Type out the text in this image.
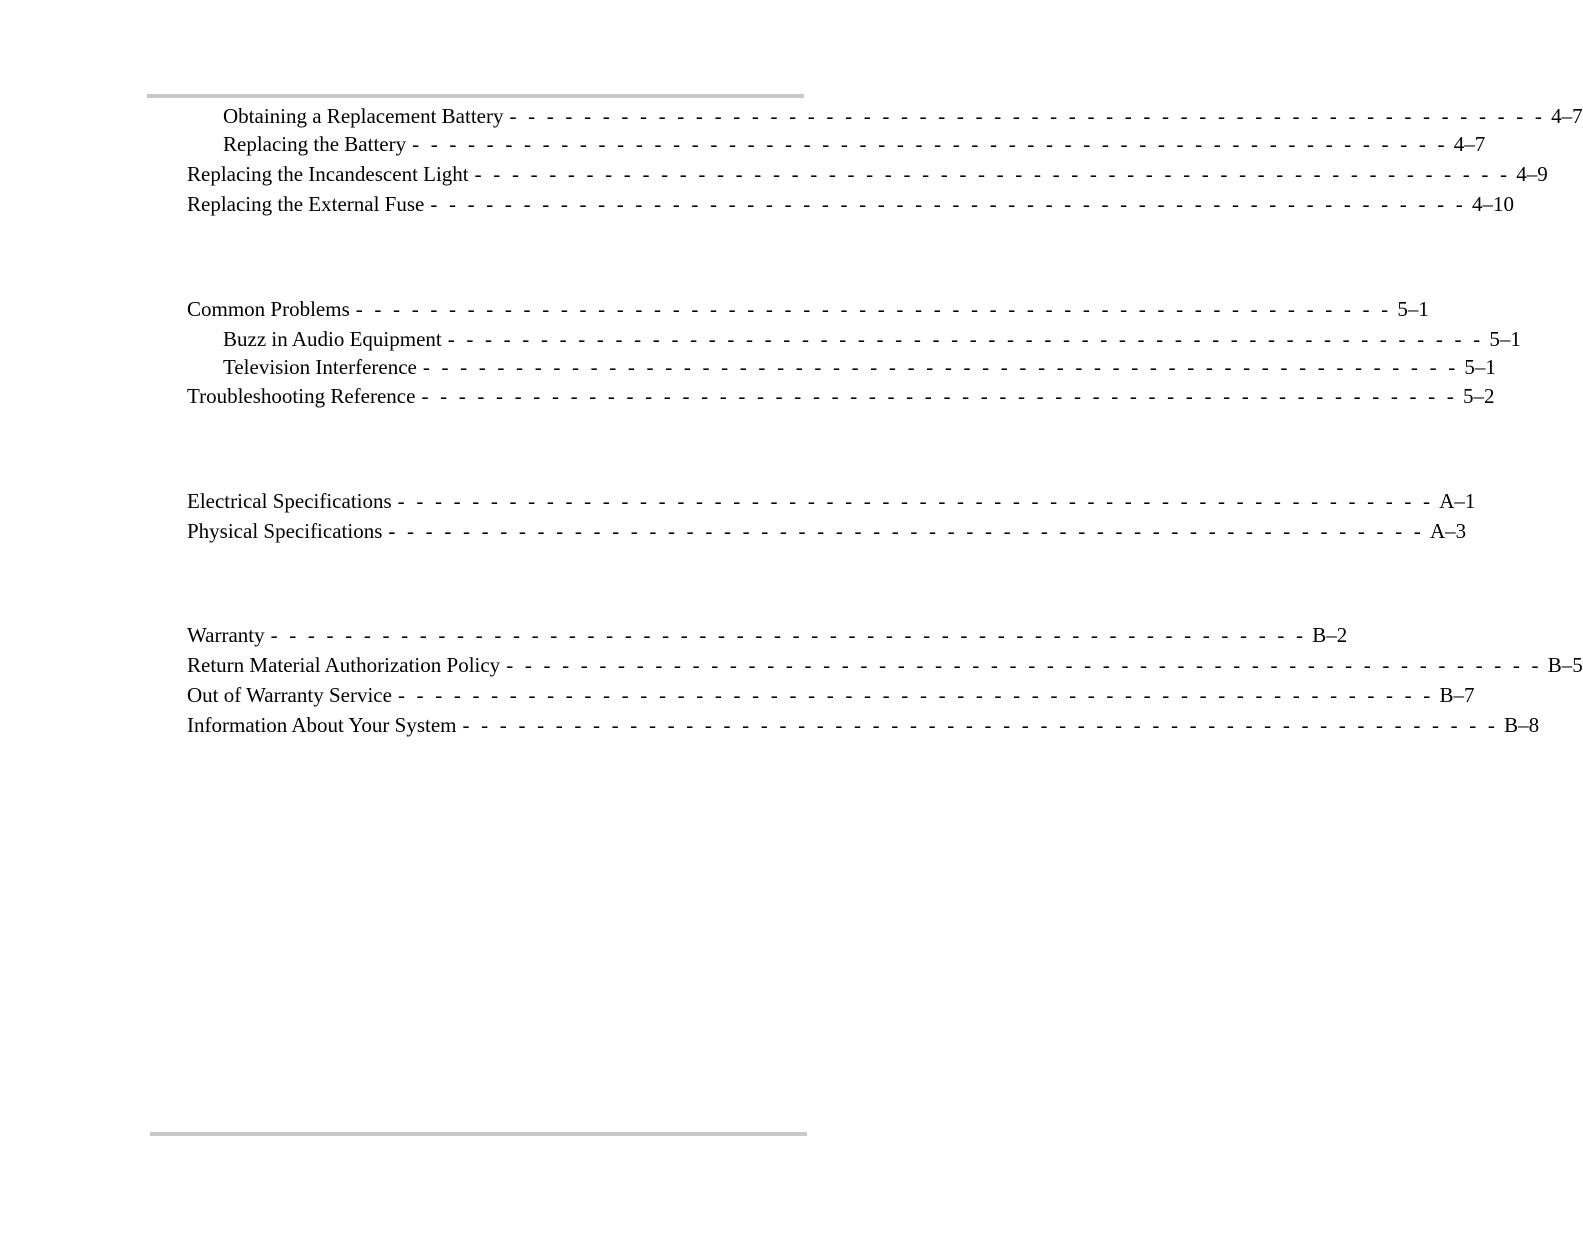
Obtaining a Replacement Battery - - - - - - - - - - - - - - - - - - - - - - - - - - - - - - - - - - - - - - - - - - - - - - - - - - - - - - - - 4–7
Replacing the Battery - - - - - - - - - - - - - - - - - - - - - - - - - - - - - - - - - - - - - - - - - - - - - - - - - - - - - - - - 4–7
Replacing the Incandescent Light - - - - - - - - - - - - - - - - - - - - - - - - - - - - - - - - - - - - - - - - - - - - - - - - - - - - - - - - 4–9
Replacing the External Fuse - - - - - - - - - - - - - - - - - - - - - - - - - - - - - - - - - - - - - - - - - - - - - - - - - - - - - - - - 4–10
Common Problems - - - - - - - - - - - - - - - - - - - - - - - - - - - - - - - - - - - - - - - - - - - - - - - - - - - - - - - - 5–1
Buzz in Audio Equipment - - - - - - - - - - - - - - - - - - - - - - - - - - - - - - - - - - - - - - - - - - - - - - - - - - - - - - - - 5–1
Television Interference - - - - - - - - - - - - - - - - - - - - - - - - - - - - - - - - - - - - - - - - - - - - - - - - - - - - - - - - 5–1
Troubleshooting Reference - - - - - - - - - - - - - - - - - - - - - - - - - - - - - - - - - - - - - - - - - - - - - - - - - - - - - - - - 5–2
Electrical Specifications - - - - - - - - - - - - - - - - - - - - - - - - - - - - - - - - - - - - - - - - - - - - - - - - - - - - - - - - A–1
Physical Specifications - - - - - - - - - - - - - - - - - - - - - - - - - - - - - - - - - - - - - - - - - - - - - - - - - - - - - - - - A–3
Warranty - - - - - - - - - - - - - - - - - - - - - - - - - - - - - - - - - - - - - - - - - - - - - - - - - - - - - - - - B–2
Return Material Authorization Policy - - - - - - - - - - - - - - - - - - - - - - - - - - - - - - - - - - - - - - - - - - - - - - - - - - - - - - - - B–5
Out of Warranty Service - - - - - - - - - - - - - - - - - - - - - - - - - - - - - - - - - - - - - - - - - - - - - - - - - - - - - - - - B–7
Information About Your System - - - - - - - - - - - - - - - - - - - - - - - - - - - - - - - - - - - - - - - - - - - - - - - - - - - - - - - - B–8
